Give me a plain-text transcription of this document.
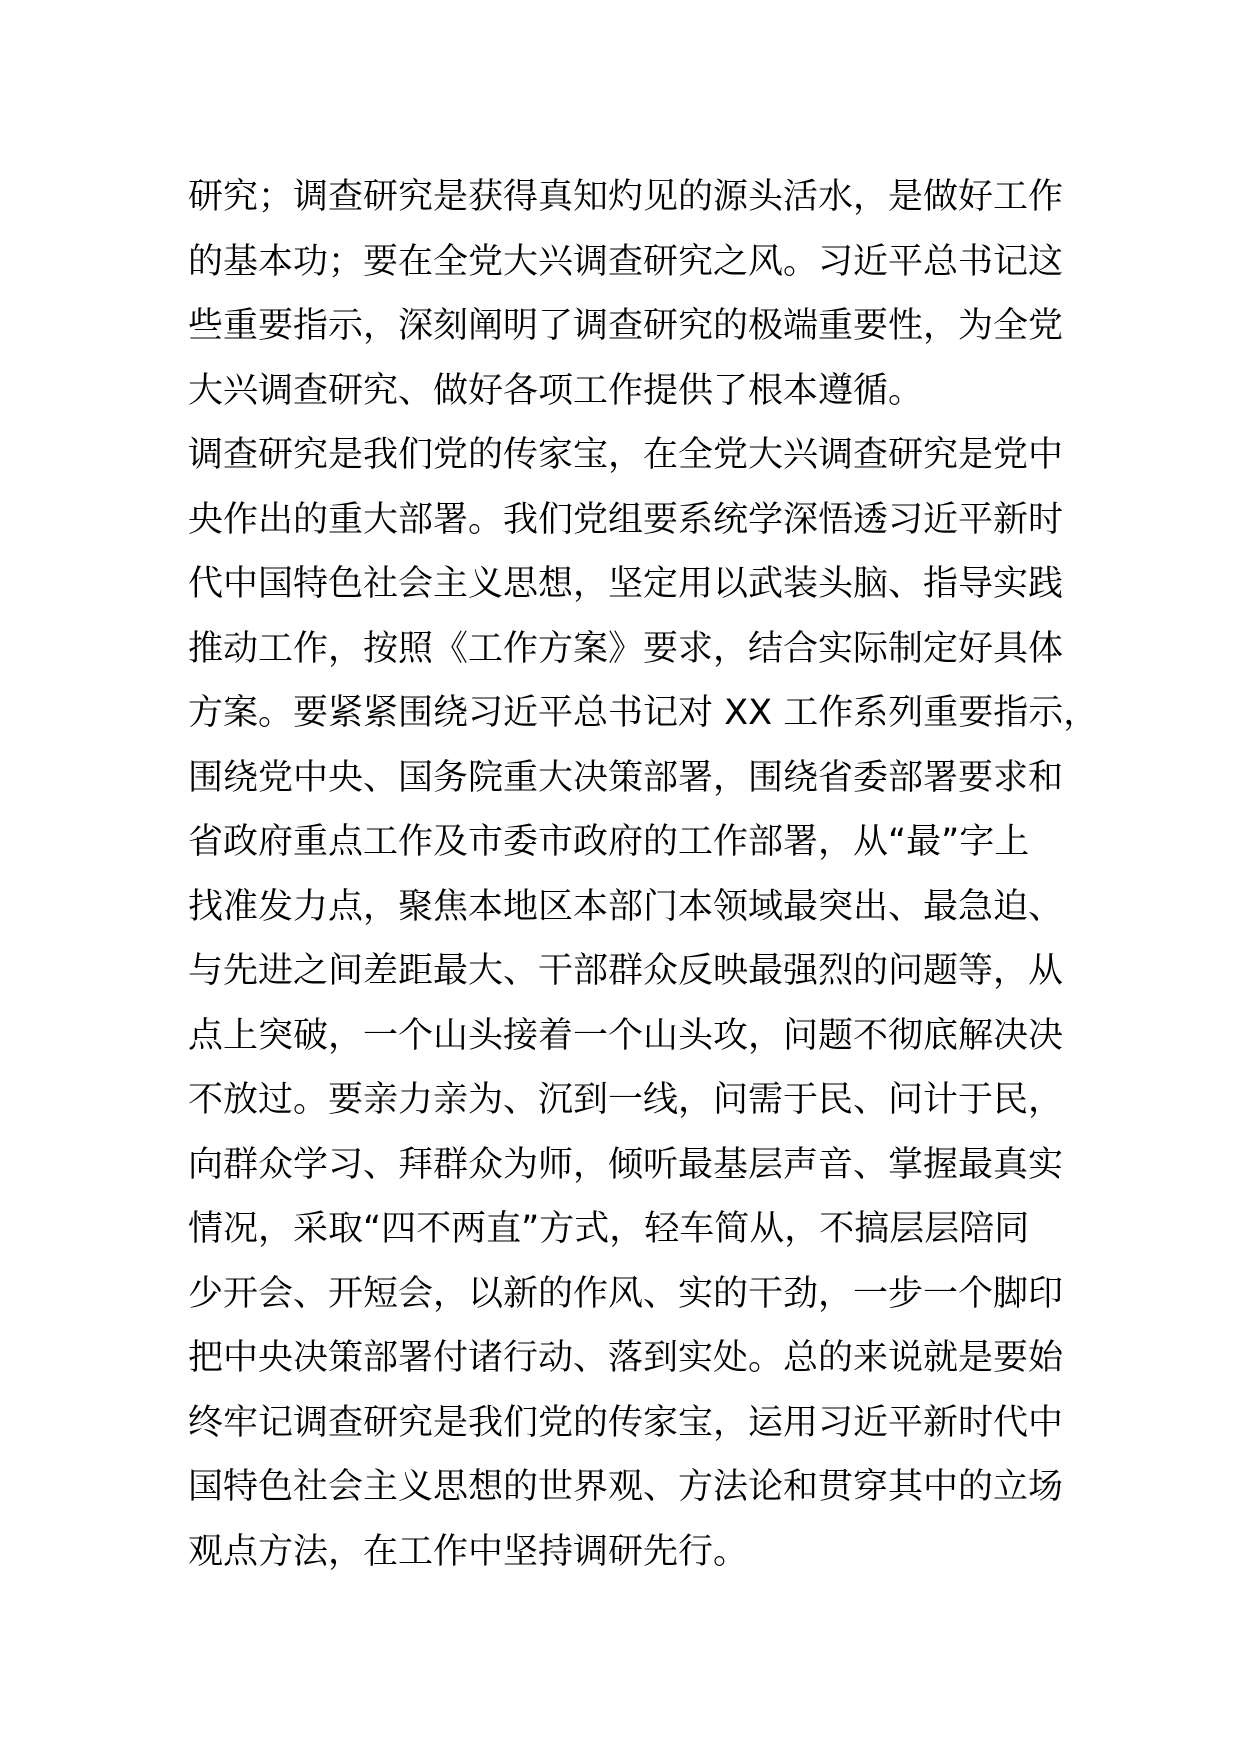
研究；调查研究是获得真知灼见的源头活水，是做好工作
的基本功；要在全党大兴调查研究之风。习近平总书记这
些重要指示，深刻阐明了调查研究的极端重要性，为全党
大兴调查研究、做好各项工作提供了根本遵循。
调查研究是我们党的传家宝，在全党大兴调查研究是党中
央作出的重大部署。我们党组要系统学深悟透习近平新时
代中国特色社会主义思想，坚定用以武装头脑、指导实践
推动工作，按照《工作方案》要求，结合实际制定好具体
方案。要紧紧围绕习近平总书记对 XX 工作系列重要指示，
围绕党中央、国务院重大决策部署，围绕省委部署要求和
省政府重点工作及市委市政府的工作部署，从“最”字上
找准发力点，聚焦本地区本部门本领域最突出、最急迫、
与先进之间差距最大、干部群众反映最强烈的问题等，从
点上突破，一个山头接着一个山头攻，问题不彻底解决决
不放过。要亲力亲为、沉到一线，问需于民、问计于民，
向群众学习、拜群众为师，倾听最基层声音、掌握最真实
情况，采取“四不两直”方式，轻车简从，不搞层层陪同
少开会、开短会，以新的作风、实的干劲，一步一个脚印
把中央决策部署付诸行动、落到实处。总的来说就是要始
终牢记调查研究是我们党的传家宝，运用习近平新时代中
国特色社会主义思想的世界观、方法论和贯穿其中的立场
观点方法，在工作中坚持调研先行。
